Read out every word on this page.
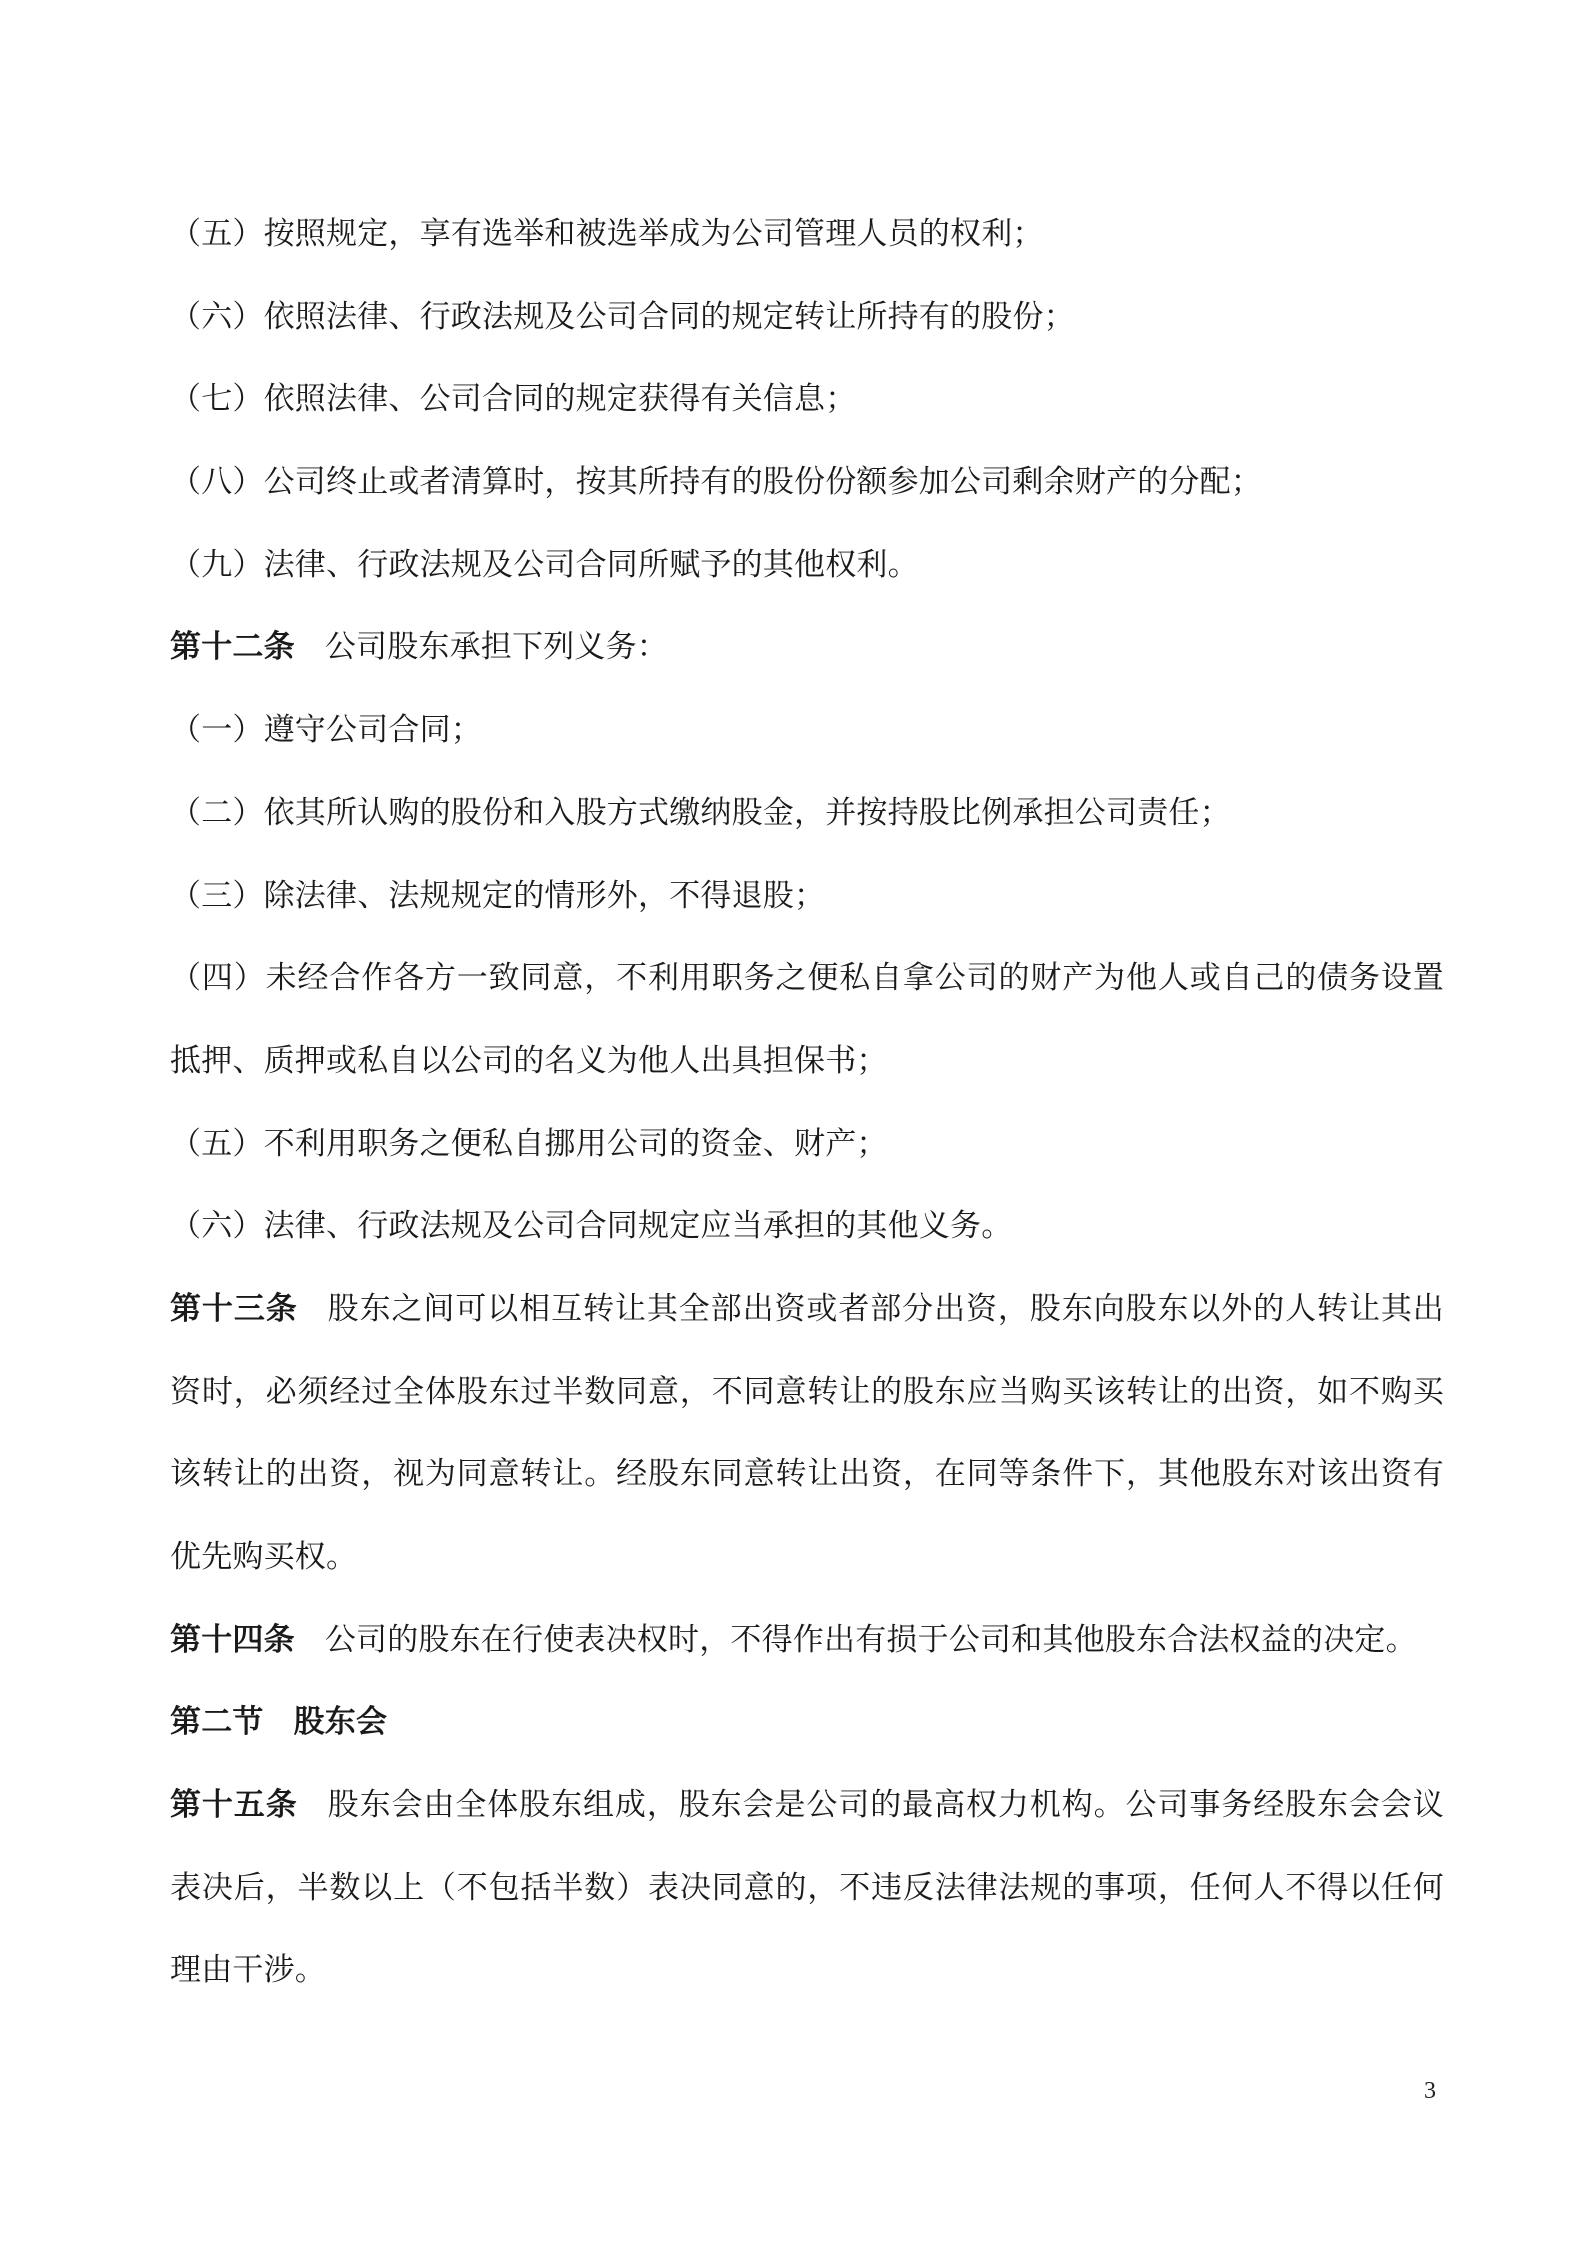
（五）按照规定，享有选举和被选举成为公司管理人员的权利；
（六）依照法律、行政法规及公司合同的规定转让所持有的股份；
（七）依照法律、公司合同的规定获得有关信息；
（八）公司终止或者清算时，按其所持有的股份份额参加公司剩余财产的分配；
（九）法律、行政法规及公司合同所赋予的其他权利。
第十二条 公司股东承担下列义务：
（一）遵守公司合同；
（二）依其所认购的股份和入股方式缴纳股金，并按持股比例承担公司责任；
（三）除法律、法规规定的情形外，不得退股；
（四）未经合作各方一致同意，不利用职务之便私自拿公司的财产为他人或自己的债务设置
抵押、质押或私自以公司的名义为他人出具担保书；
（五）不利用职务之便私自挪用公司的资金、财产；
（六）法律、行政法规及公司合同规定应当承担的其他义务。
第十三条 股东之间可以相互转让其全部出资或者部分出资，股东向股东以外的人转让其出
资时，必须经过全体股东过半数同意，不同意转让的股东应当购买该转让的出资，如不购买
该转让的出资，视为同意转让。经股东同意转让出资，在同等条件下，其他股东对该出资有
优先购买权。
第十四条 公司的股东在行使表决权时，不得作出有损于公司和其他股东合法权益的决定。
第二节 股东会
第十五条 股东会由全体股东组成，股东会是公司的最高权力机构。公司事务经股东会会议
表决后，半数以上（不包括半数）表决同意的，不违反法律法规的事项，任何人不得以任何
理由干涉。
3
